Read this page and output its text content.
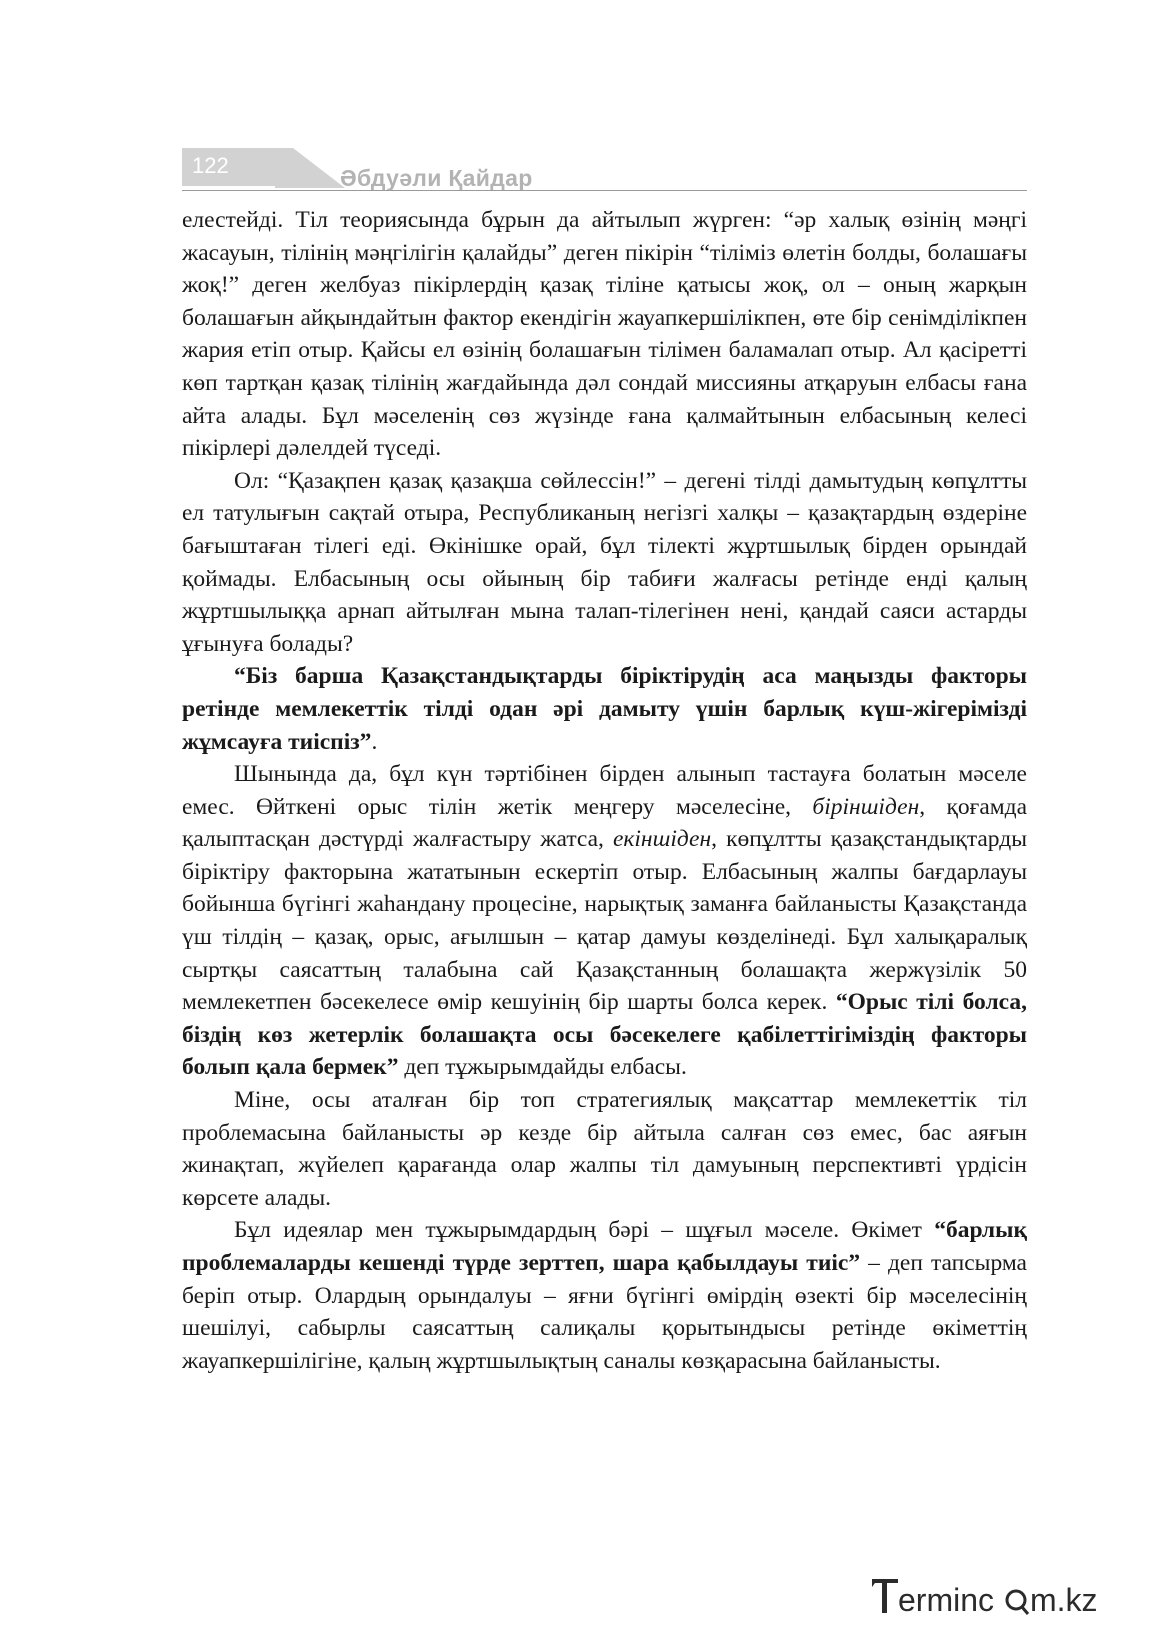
122	Әбдуәли Қайдар

елестейді. Тіл теориясында бұрын да айтылып жүрген: “әр халық өзінің мәңгі жасауын, тілінің мәңгілігін қалайды” деген пікірін “тіліміз өлетін болды, болашағы жоқ!” деген желбуаз пікірлердің қазақ тіліне қатысы жоқ, ол – оның жарқын болашағын айқындайтын фактор екендігін жауапкершілікпен, өте бір сенімділікпен жария етіп отыр. Қайсы ел өзінің болашағын тілімен баламалап отыр. Ал қасіретті көп тартқан қазақ тілінің жағдайында дәл сондай миссияны атқаруын елбасы ғана айта алады. Бұл мәселенің сөз жүзінде ғана қалмайтынын елбасының келесі пікірлері дәлелдей түседі.

Ол: “Қазақпен қазақ қазақша сөйлессін!” – дегені тілді дамытудың көпұлтты ел татулығын сақтай отыра, Республиканың негізгі халқы – қазақтардың өздеріне бағыштаған тілегі еді. Өкінішке орай, бұл тілекті жұртшылық бірден орындай қоймады. Елбасының осы ойының бір табиғи жалғасы ретінде енді қалың жұртшылыққа арнап айтылған мына талап-тілегінен нені, қандай саяси астарды ұғынуға болады?

“Біз барша Қазақстандықтарды біріктірудің аса маңызды факторы ретінде мемлекеттік тілді одан әрі дамыту үшін барлық күш-жігерімізді жұмсауға тиіспіз”.

Шынында да, бұл күн тәртібінен бірден алынып тастауға болатын мәселе емес. Өйткені орыс тілін жетік меңгеру мәселесіне, біріншіден, қоғамда қалыптасқан дәстүрді жалғастыру жатса, екіншіден, көпұлтты қазақстандықтарды біріктіру факторына жататынын ескертіп отыр. Елбасының жалпы бағдарлауы бойынша бүгінгі жаһандану процесіне, нарықтық заманға байланысты Қазақстанда үш тілдің – қазақ, орыс, ағылшын – қатар дамуы көзделінеді. Бұл халықаралық сыртқы саясаттың талабына сай Қазақстанның болашақта жержүзілік 50 мемлекетпен бәсекелесе өмір кешуінің бір шарты болса керек. “Орыс тілі болса, біздің көз жетерлік болашақта осы бәсекелеге қабілеттігіміздің факторы болып қала бермек” деп тұжырымдайды елбасы.

Міне, осы аталған бір топ стратегиялық мақсаттар мемлекеттік тіл проблемасына байланысты әр кезде бір айтыла салған сөз емес, бас аяғын жинақтап, жүйелеп қарағанда олар жалпы тіл дамуының перспективті үрдісін көрсете алады.

Бұл идеялар мен тұжырымдардың бәрі – шұғыл мәселе. Өкімет “барлық проблемаларды кешенді түрде зерттеп, шара қабылдауы тиіс” – деп тапсырма беріп отыр. Олардың орындалуы – яғни бүгінгі өмірдің өзекті бір мәселесінің шешілуі, сабырлы саясаттың салиқалы қорытындысы ретінде өкіметтің жауапкершілігіне, қалың жұртшылықтың саналы көзқарасына байланысты.

erminc m.kz
